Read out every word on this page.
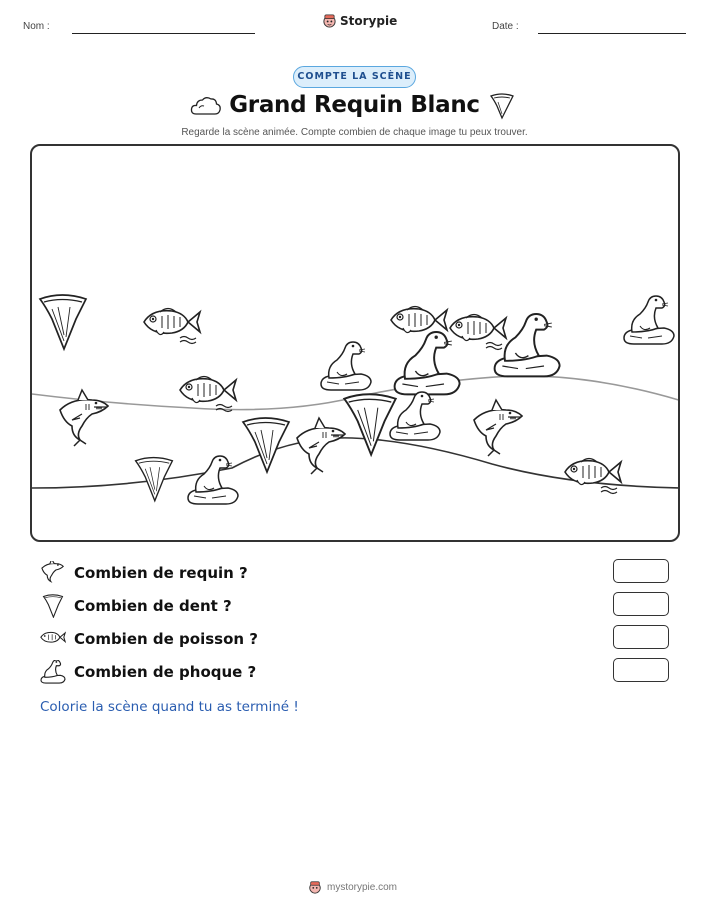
Nom :	Date :
Storypie
COMPTE LA SCÈNE
Grand Requin Blanc
Regarde la scène animée. Compte combien de chaque image tu peux trouver.
Combien de requin ?
Combien de dent ?
Combien de poisson ?
Combien de phoque ?
Colorie la scène quand tu as terminé !
mystorypie.com
